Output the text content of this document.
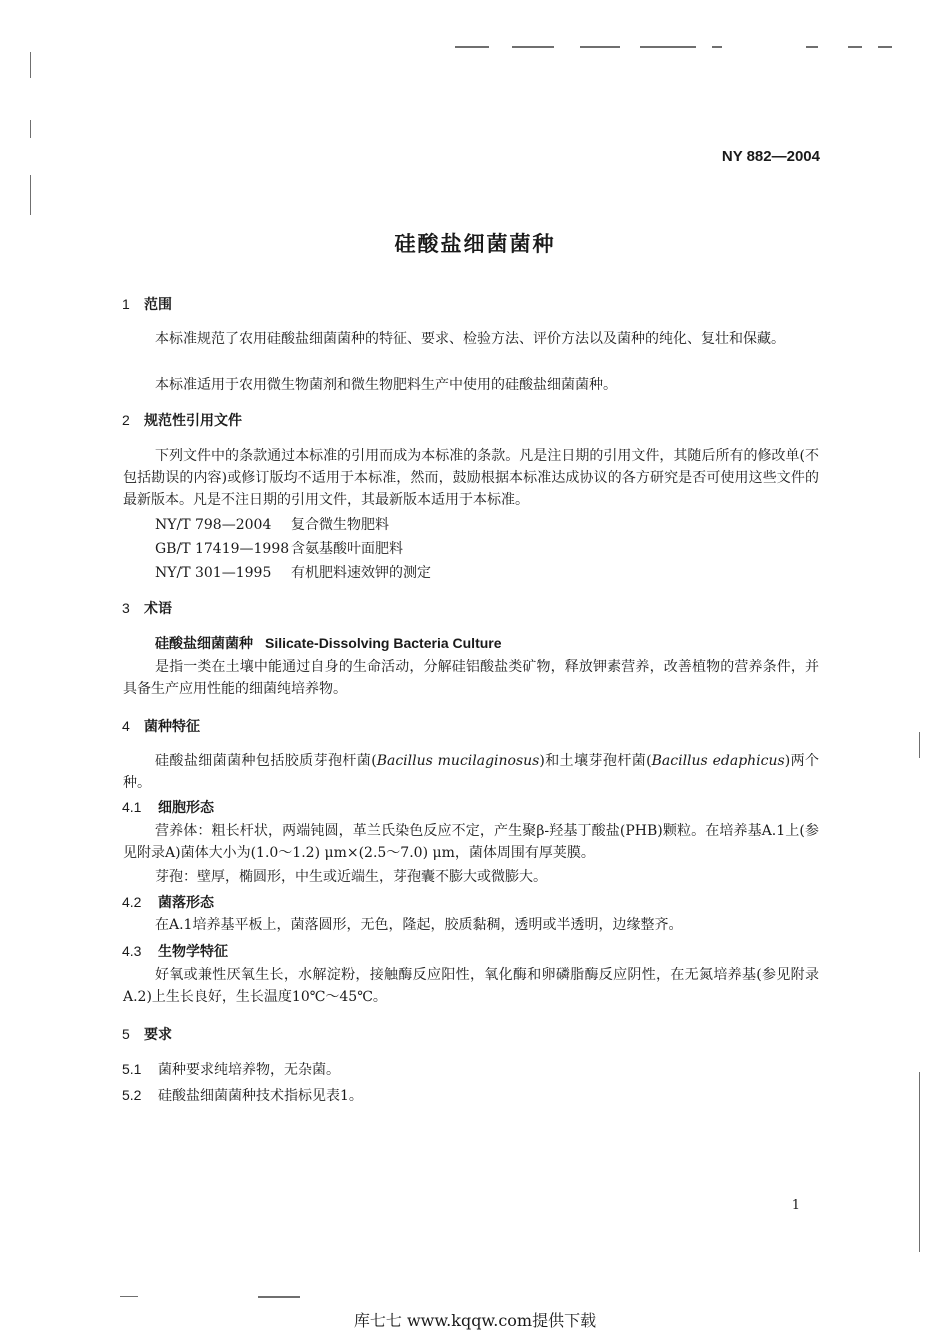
NY 882—2004
硅酸盐细菌菌种
1 范围
本标准规范了农用硅酸盐细菌菌种的特征、要求、检验方法、评价方法以及菌种的纯化、复壮和保藏。
本标准适用于农用微生物菌剂和微生物肥料生产中使用的硅酸盐细菌菌种。
2 规范性引用文件
下列文件中的条款通过本标准的引用而成为本标准的条款。凡是注日期的引用文件，其随后所有的修改单(不包括勘误的内容)或修订版均不适用于本标准，然而，鼓励根据本标准达成协议的各方研究是否可使用这些文件的最新版本。凡是不注日期的引用文件，其最新版本适用于本标准。
NY/T 798—2004 复合微生物肥料
GB/T 17419—1998 含氨基酸叶面肥料
NY/T 301—1995 有机肥料速效钾的测定
3 术语
硅酸盐细菌菌种 Silicate-Dissolving Bacteria Culture
是指一类在土壤中能通过自身的生命活动，分解硅铝酸盐类矿物，释放钾素营养，改善植物的营养条件，并具备生产应用性能的细菌纯培养物。
4 菌种特征
硅酸盐细菌菌种包括胶质芽孢杆菌(Bacillus mucilaginosus)和土壤芽孢杆菌(Bacillus edaphicus)两个种。
4.1 细胞形态
营养体：粗长杆状，两端钝圆，革兰氏染色反应不定，产生聚β-羟基丁酸盐(PHB)颗粒。在培养基A.1上(参见附录A)菌体大小为(1.0～1.2) μm×(2.5～7.0) μm，菌体周围有厚荚膜。
芽孢：壁厚，椭圆形，中生或近端生，芽孢囊不膨大或微膨大。
4.2 菌落形态
在A.1培养基平板上，菌落圆形，无色，隆起，胶质黏稠，透明或半透明，边缘整齐。
4.3 生物学特征
好氧或兼性厌氧生长，水解淀粉，接触酶反应阳性，氧化酶和卵磷脂酶反应阴性，在无氮培养基(参见附录A.2)上生长良好，生长温度10℃～45℃。
5 要求
5.1 菌种要求纯培养物，无杂菌。
5.2 硅酸盐细菌菌种技术指标见表1。
1
库七七 www.kqqw.com提供下载
